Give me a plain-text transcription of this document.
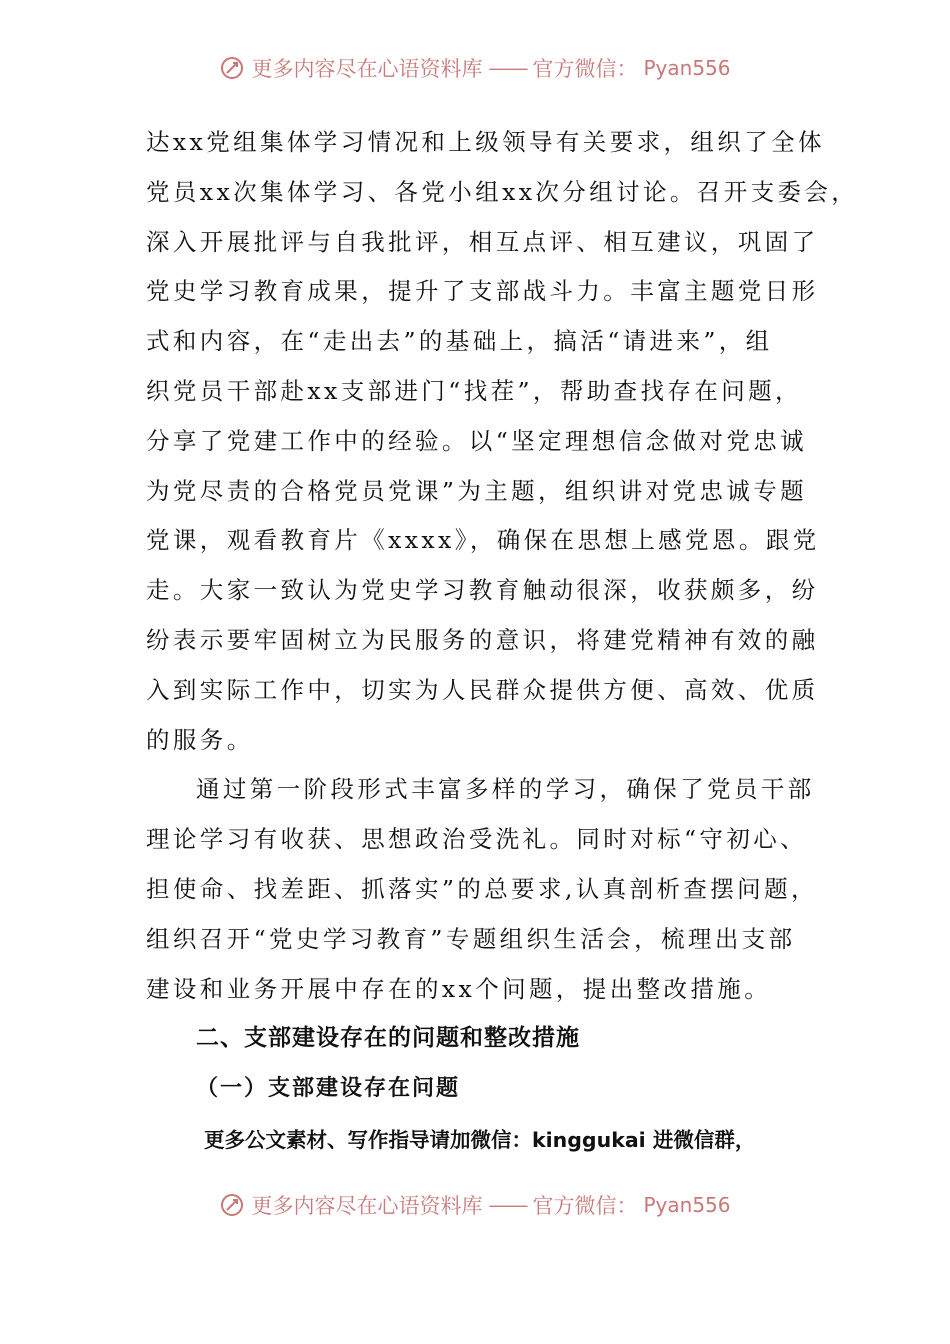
更多内容尽在心语资料库 —— 官方微信： Pyan556
达xx党组集体学习情况和上级领导有关要求，组织了全体
党员xx次集体学习、各党小组xx次分组讨论。召开支委会，
深入开展批评与自我批评，相互点评、相互建议，巩固了
党史学习教育成果，提升了支部战斗力。丰富主题党日形
式和内容，在“走出去”的基础上，搞活“请进来”，组
织党员干部赴xx支部进门“找茬”，帮助查找存在问题，
分享了党建工作中的经验。以“坚定理想信念做对党忠诚
为党尽责的合格党员党课”为主题，组织讲对党忠诚专题
党课，观看教育片《xxxx》，确保在思想上感党恩。跟党
走。大家一致认为党史学习教育触动很深，收获颇多，纷
纷表示要牢固树立为民服务的意识，将建党精神有效的融
入到实际工作中，切实为人民群众提供方便、高效、优质
的服务。
通过第一阶段形式丰富多样的学习，确保了党员干部
理论学习有收获、思想政治受洗礼。同时对标“守初心、
担使命、找差距、抓落实”的总要求,认真剖析查摆问题，
组织召开“党史学习教育”专题组织生活会，梳理出支部
建设和业务开展中存在的xx个问题，提出整改措施。
二、支部建设存在的问题和整改措施
（一）支部建设存在问题
更多公文素材、写作指导请加微信：kinggukai 进微信群，
更多内容尽在心语资料库 —— 官方微信： Pyan556
